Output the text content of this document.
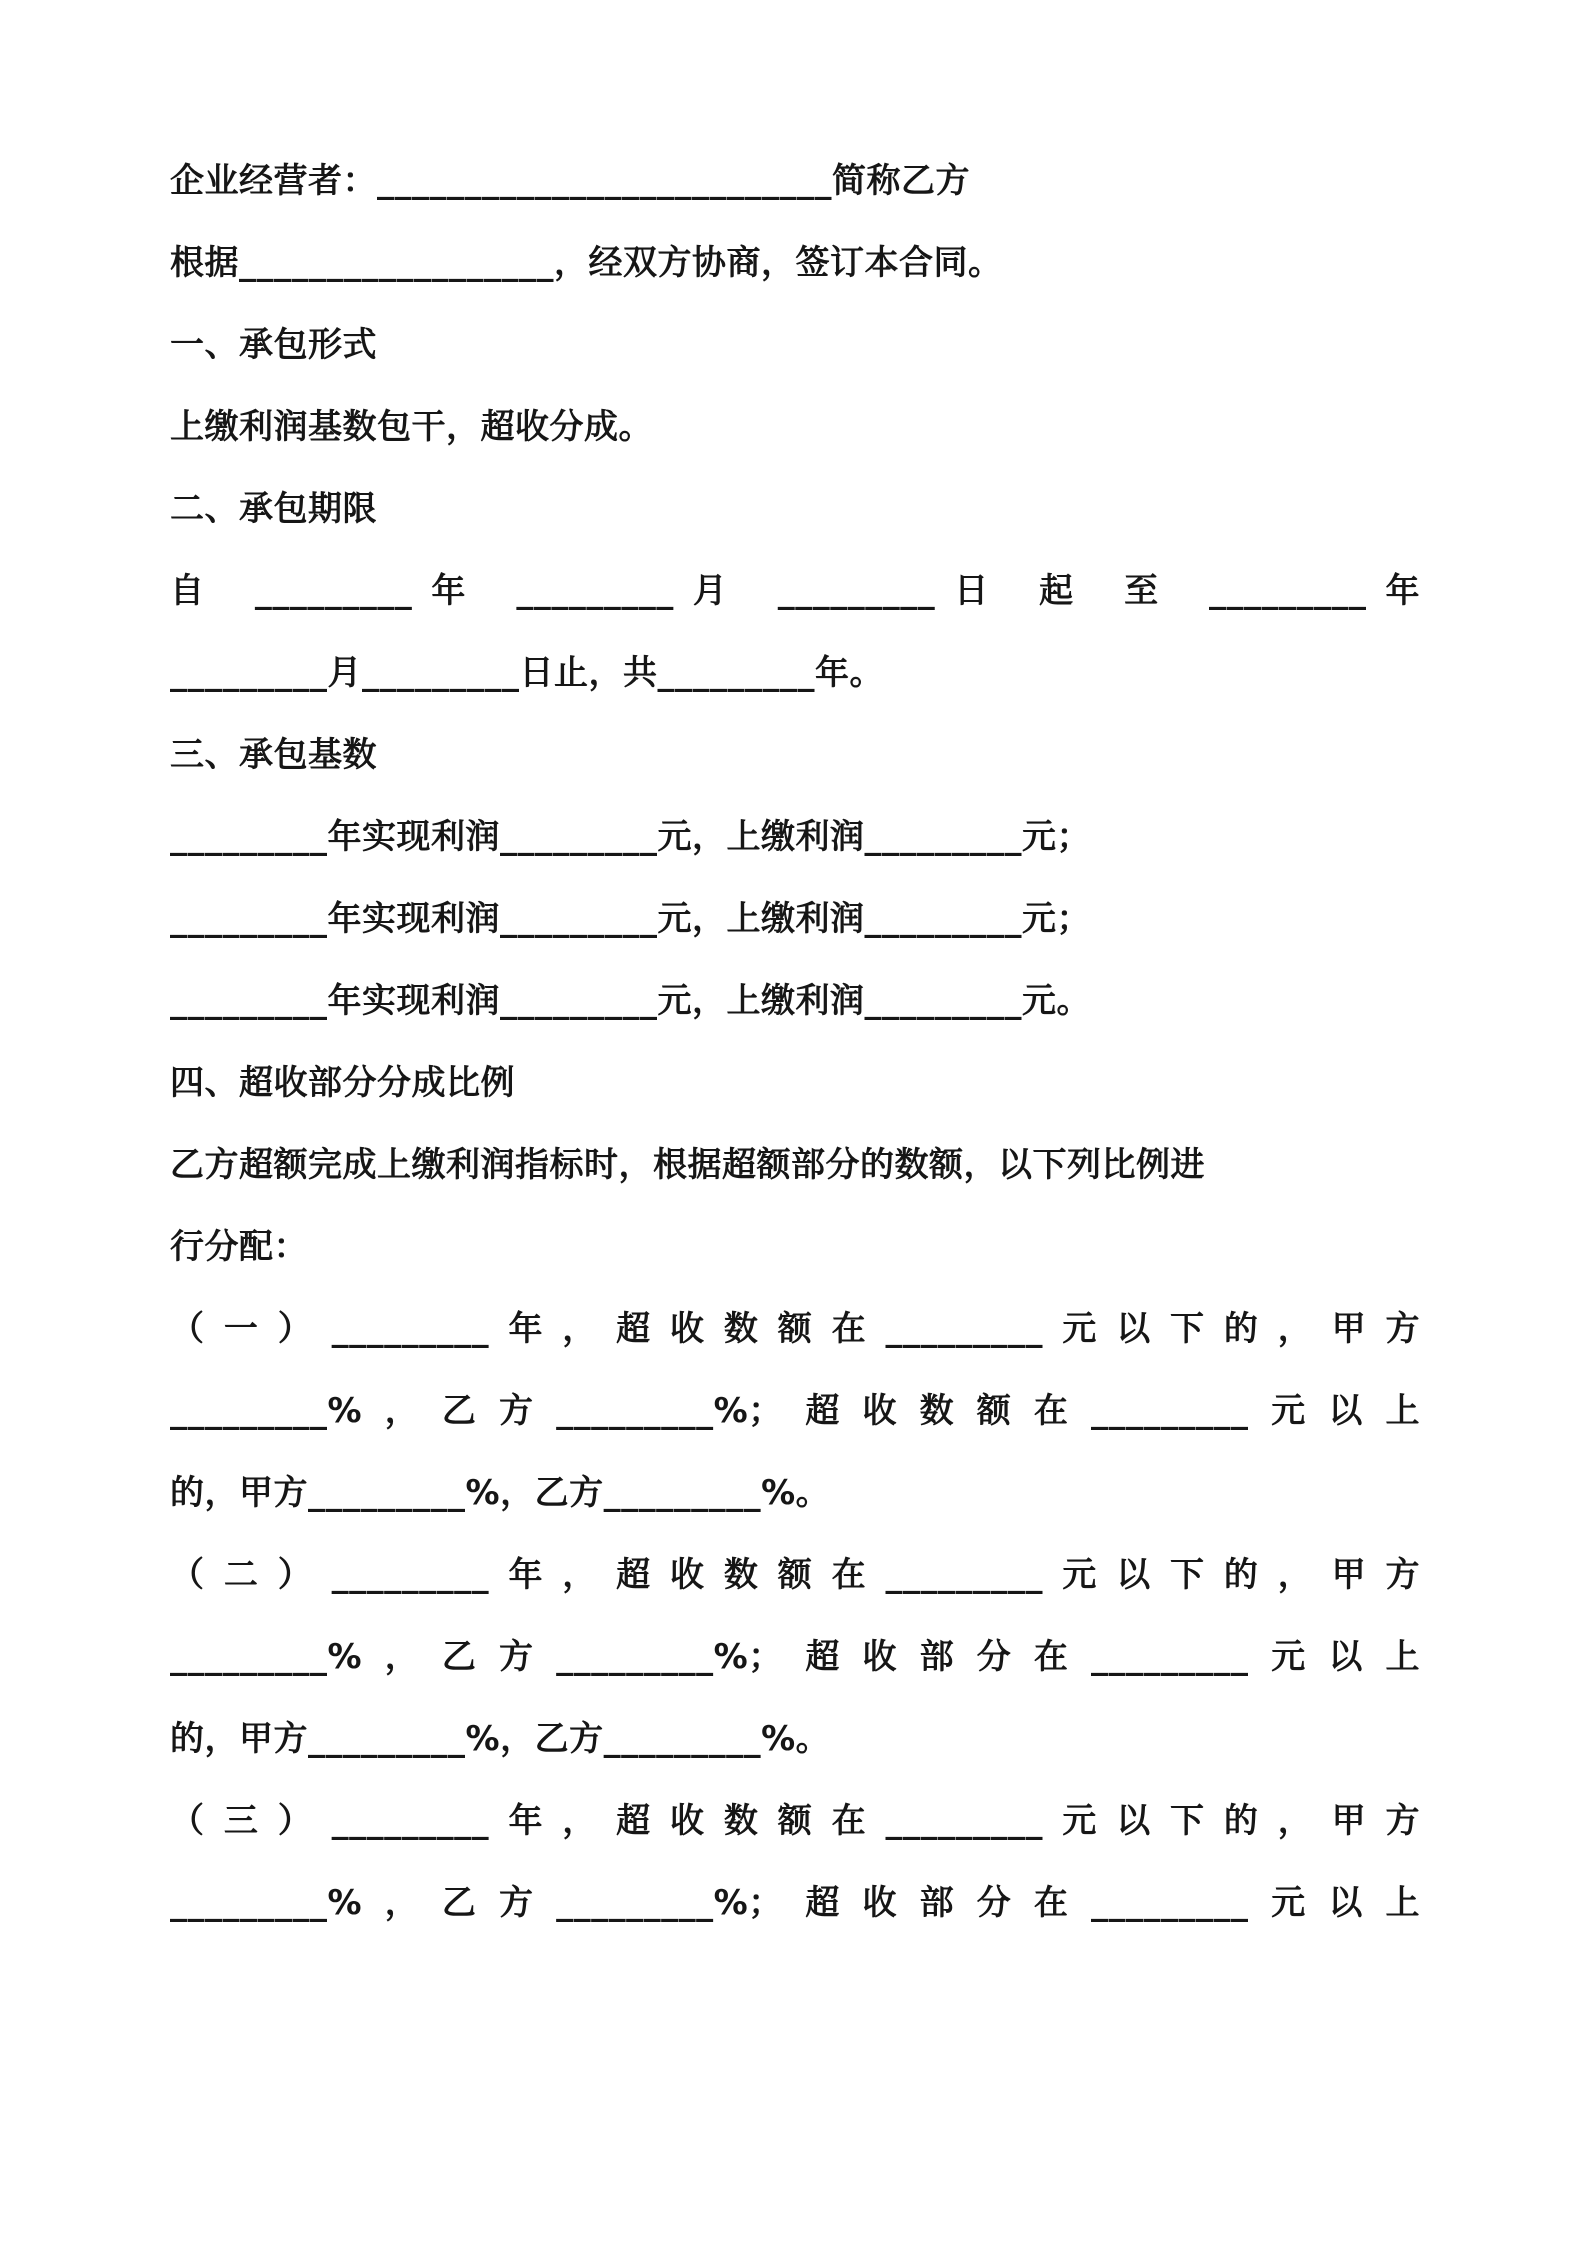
企业经营者：__________________________简称乙方

根据__________________，经双方协商，签订本合同。

一、承包形式

上缴利润基数包干，超收分成。

二、承包期限

自 _________年 _________月 _________日 起 至 _________年

_________月_________日止，共_________年。

三、承包基数

_________年实现利润_________元，上缴利润_________元；

_________年实现利润_________元，上缴利润_________元；

_________年实现利润_________元，上缴利润_________元。

四、超收部分分成比例

乙方超额完成上缴利润指标时，根据超额部分的数额，以下列比例进

行分配：

（一）_________年，超收数额在_________元以下的，甲方

_________%，乙方_________%；超收数额在_________元以上

的，甲方_________%，乙方_________%。

（二）_________年，超收数额在_________元以下的，甲方

_________%，乙方_________%；超收部分在_________元以上

的，甲方_________%，乙方_________%。

（三）_________年，超收数额在_________元以下的，甲方

_________%，乙方_________%；超收部分在_________元以上
